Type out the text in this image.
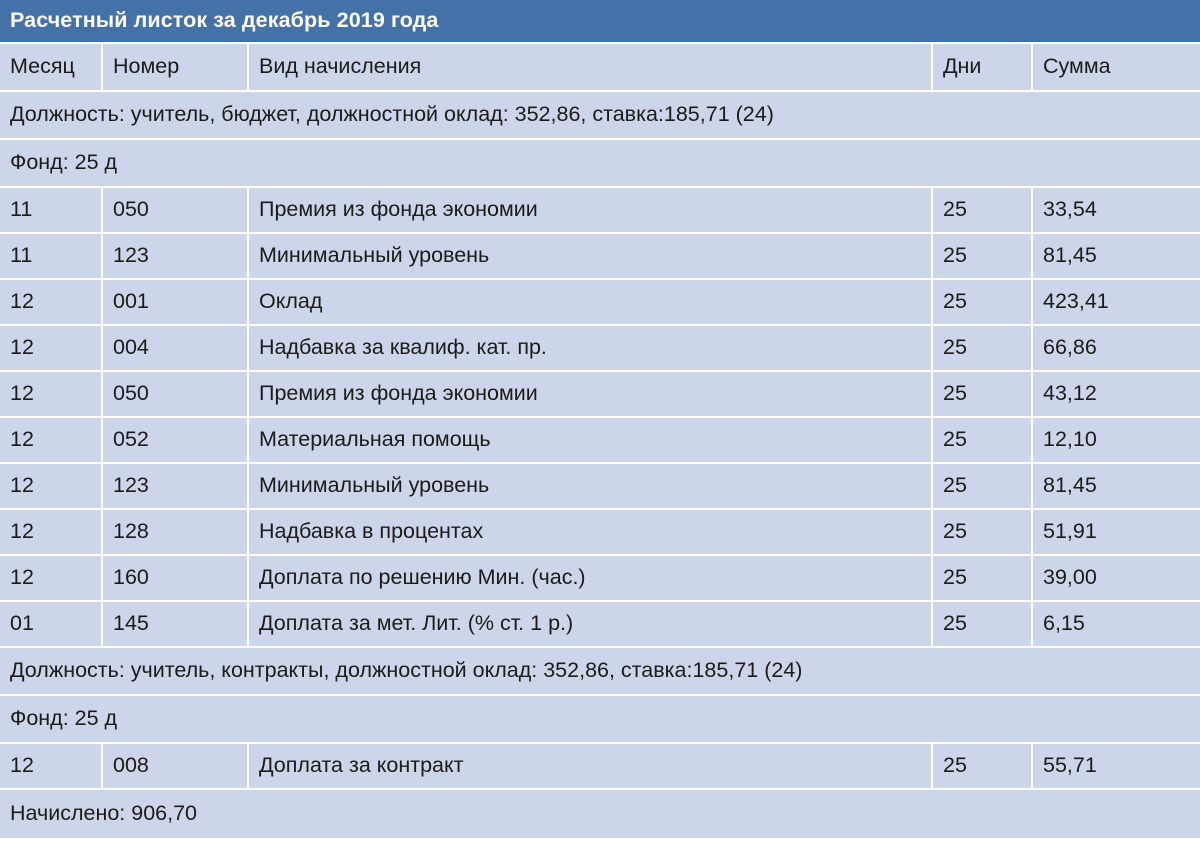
Расчетный листок за декабрь 2019 года				
Месяц	Номер	Вид начисления	Дни	Сумма
Должность: учитель, бюджет, должностной оклад: 352,86, ставка:185,71 (24)				
Фонд: 25 д				
11	050	Премия из фонда экономии	25	33,54
11	123	Минимальный уровень	25	81,45
12	001	Оклад	25	423,41
12	004	Надбавка за квалиф. кат. пр.	25	66,86
12	050	Премия из фонда экономии	25	43,12
12	052	Материальная помощь	25	12,10
12	123	Минимальный уровень	25	81,45
12	128	Надбавка в процентах	25	51,91
12	160	Доплата по решению Мин. (час.)	25	39,00
01	145	Доплата за мет. Лит. (% ст. 1 р.)	25	6,15
Должность: учитель, контракты, должностной оклад: 352,86, ставка:185,71 (24)				
Фонд: 25 д				
12	008	Доплата за контракт	25	55,71
Начислено: 906,70				
